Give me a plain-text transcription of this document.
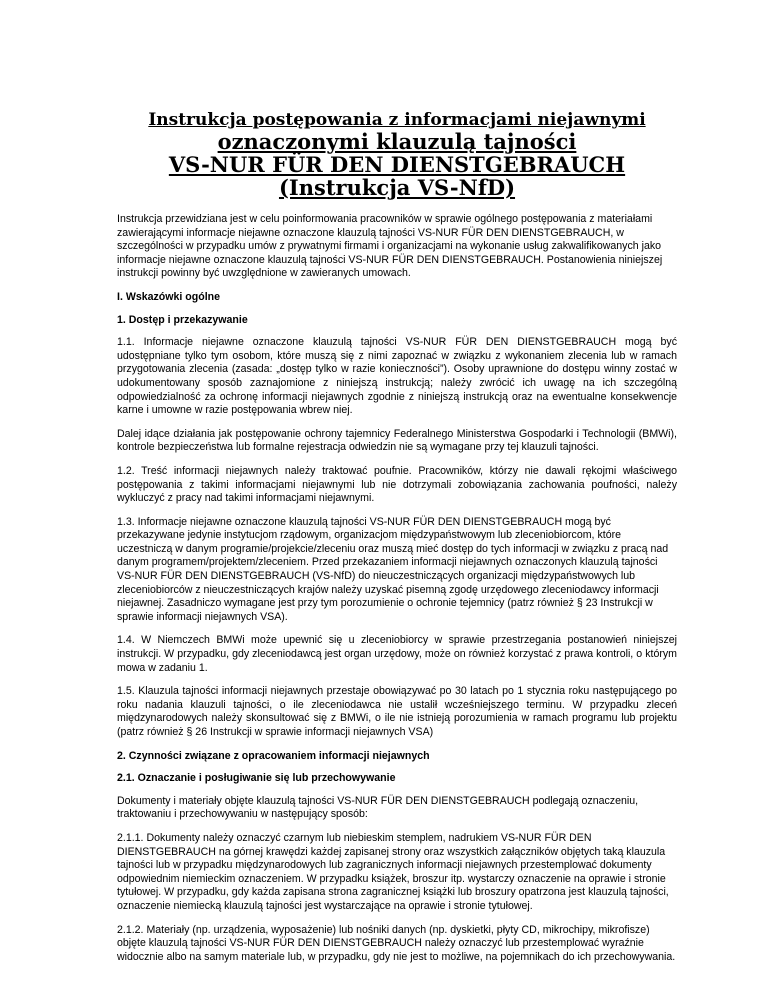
Instrukcja postępowania z informacjami niejawnymi

oznaczonymi klauzulą tajności

VS-NUR FÜR DEN DIENSTGEBRAUCH

(Instrukcja VS-NfD)

Instrukcja przewidziana jest w celu poinformowania pracowników w sprawie ogólnego postępowania z materiałami zawierającymi informacje niejawne oznaczone klauzulą tajności VS-NUR FÜR DEN DIENSTGEBRAUCH, w szczególności w przypadku umów z prywatnymi firmami i organizacjami na wykonanie usług zakwalifikowanych jako informacje niejawne oznaczone klauzulą tajności VS-NUR FÜR DEN DIENSTGEBRAUCH. Postanowienia niniejszej instrukcji powinny być uwzględnione w zawieranych umowach.

I. Wskazówki ogólne

1. Dostęp i przekazywanie

1.1. Informacje niejawne oznaczone klauzulą tajności VS-NUR FÜR DEN DIENSTGEBRAUCH mogą być udostępniane tylko tym osobom, które muszą się z nimi zapoznać w związku z wykonaniem zlecenia lub w ramach przygotowania zlecenia (zasada: „dostęp tylko w razie konieczności”). Osoby uprawnione do dostępu winny zostać w udokumentowany sposób zaznajomione z niniejszą instrukcją; należy zwrócić ich uwagę na ich szczególną odpowiedzialność za ochronę informacji niejawnych zgodnie z niniejszą instrukcją oraz na ewentualne konsekwencje karne i umowne w razie postępowania wbrew niej.

Dalej idące działania jak postępowanie ochrony tajemnicy Federalnego Ministerstwa Gospodarki i Technologii (BMWi), kontrole bezpieczeństwa lub formalne rejestracja odwiedzin nie są wymagane przy tej klauzuli tajności.

1.2. Treść informacji niejawnych należy traktować poufnie. Pracowników, którzy nie dawali rękojmi właściwego postępowania z takimi informacjami niejawnymi lub nie dotrzymali zobowiązania zachowania poufności, należy wykluczyć z pracy nad takimi informacjami niejawnymi.

1.3. Informacje niejawne oznaczone klauzulą tajności VS-NUR FÜR DEN DIENSTGEBRAUCH mogą być przekazywane jedynie instytucjom rządowym, organizacjom międzypaństwowym lub zleceniobiorcom, które uczestniczą w danym programie/projekcie/zleceniu oraz muszą mieć dostęp do tych informacji w związku z pracą nad danym programem/projektem/zleceniem. Przed przekazaniem informacji niejawnych oznaczonych klauzulą tajności VS-NUR FÜR DEN DIENSTGEBRAUCH (VS-NfD) do nieuczestniczących organizacji międzypaństwowych lub zleceniobiorców z nieuczestniczących krajów należy uzyskać pisemną zgodę urzędowego zleceniodawcy informacji niejawnej. Zasadniczo wymagane jest przy tym porozumienie o ochronie tejemnicy (patrz również § 23 Instrukcji w sprawie informacji niejawnych VSA).

1.4. W Niemczech BMWi może upewnić się u zleceniobiorcy w sprawie przestrzegania postanowień niniejszej instrukcji. W przypadku, gdy zleceniodawcą jest organ urzędowy, może on również korzystać z prawa kontroli, o którym mowa w zadaniu 1.

1.5. Klauzula tajności informacji niejawnych przestaje obowiązywać po 30 latach po 1 stycznia roku następującego po roku nadania klauzuli tajności, o ile zleceniodawca nie ustalił wcześniejszego terminu. W przypadku zleceń międzynarodowych należy skonsultować się z BMWi, o ile nie istnieją porozumienia w ramach programu lub projektu (patrz również § 26 Instrukcji w sprawie informacji niejawnych VSA)

2. Czynności związane z opracowaniem informacji niejawnych

2.1. Oznaczanie i posługiwanie się lub przechowywanie

Dokumenty i materiały objęte klauzulą tajności VS-NUR FÜR DEN DIENSTGEBRAUCH podlegają oznaczeniu, traktowaniu i przechowywaniu w następujący sposób:

2.1.1. Dokumenty należy oznaczyć czarnym lub niebieskim stemplem, nadrukiem VS-NUR FÜR DEN DIENSTGEBRAUCH na górnej krawędzi każdej zapisanej strony oraz wszystkich załączników objętych taką klauzula tajności lub w przypadku międzynarodowych lub zagranicznych informacji niejawnych przestemplować dokumenty odpowiednim niemieckim oznaczeniem. W przypadku książek, broszur itp. wystarczy oznaczenie na oprawie i stronie tytułowej. W przypadku, gdy każda zapisana strona zagranicznej książki lub broszury opatrzona jest klauzulą tajności, oznaczenie niemiecką klauzulą tajności jest wystarczające na oprawie i stronie tytułowej.

2.1.2. Materiały (np. urządzenia, wyposażenie) lub nośniki danych (np. dyskietki, płyty CD, mikrochipy, mikrofisze) objęte klauzulą tajności VS-NUR FÜR DEN DIENSTGEBRAUCH należy oznaczyć lub przestemplować wyraźnie widocznie albo na samym materiale lub, w przypadku, gdy nie jest to możliwe, na pojemnikach do ich przechowywania.
